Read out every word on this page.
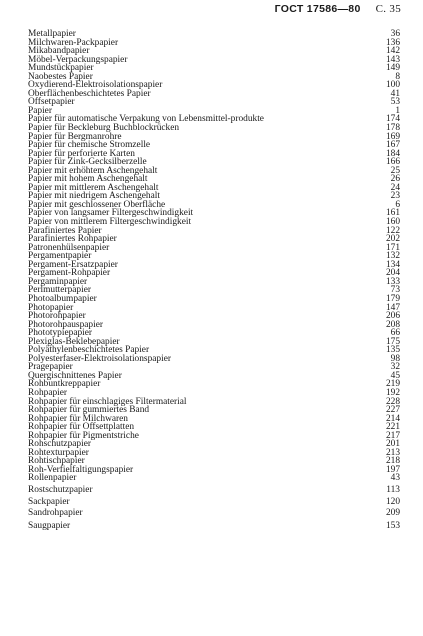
ГОСТ 17586—80 С. 35
Metallpapier	36
Milchwaren-Packpapier	136
Mikabandpapier	142
Möbel-Verpackungspapier	143
Mundstückpapier	149
Naobestes Papier	8
Oxydierend-Elektroisolationspapier	100
Oberflächenbeschichtetes Papier	41
Offsetpapier	53
Papier	1
Papier für automatische Verpakung von Lebensmittel-produkte	174
Papier für Beckleburg Buchblockrücken	178
Papier für Bergmanrohre	169
Papier für chemische Stromzelle	167
Papier für perforierte Karten	184
Papier für Zink-Gecksilberzelle	166
Papier mit erhöhtem Aschengehalt	25
Papier mit hohem Aschengehalt	26
Papier mit mittlerem Aschengehalt	24
Papier mit niedrigem Aschengehalt	23
Papier mit geschlossener Oberfläche	6
Papier von langsamer Filtergeschwindigkeit	161
Papier von mittlerem Filtergeschwindigkeit	160
Parafiniertes Papier	122
Parafiniertes Rohpapier	202
Patronenhülsenpapier	171
Pergamentpapier	132
Pergament-Ersatzpapier	134
Pergament-Rohpapier	204
Pergaminpapier	133
Perlmutterpapier	73
Photoalbumpapier	179
Photopapier	147
Photorohpapier	206
Photorohpauspapier	208
Phototypiepapier	66
Plexiglas-Beklebepapier	175
Polyäthylenbeschichtetes Papier	135
Polyesterfaser-Elektroisolationspapier	98
Pragepapier	32
Quergischnittenes Papier	45
Rohbuntkreppapier	219
Rohpapier	192
Rohpapier für einschlagiges Filtermaterial	228
Rohpapier für gummiertes Band	227
Rohpapier für Milchwaren	214
Rohpapier für Offsettplatten	221
Rohpapier für Pigmentstriche	217
Rohschutzpapier	201
Rohtexturpapier	213
Rohtischpapier	218
Roh-Verfielfaltigungspapier	197
Rollenpapier	43
Rostschutzpapier	113
Sackpapier	120
Sandrohpapier	209
Saugpapier	153
